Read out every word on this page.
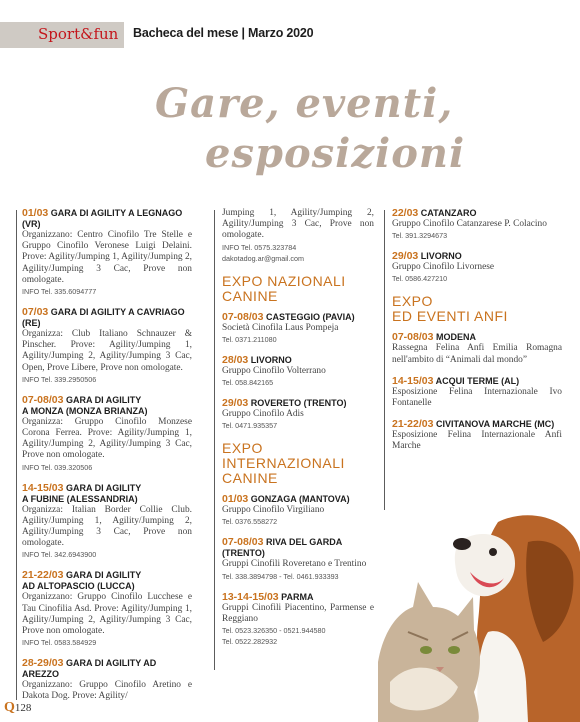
Sport&fun Bacheca del mese | Marzo 2020
Gare, eventi,
esposizioni
01/03 GARA DI AGILITY A LEGNAGO (VR)
Organizzano: Centro Cinofilo Tre Stelle e Gruppo Cinofilo Veronese Luigi Delaini. Prove: Agility/Jumping 1, Agility/Jumping 2, Agility/Jumping 3 Cac, Prove non omologate.
INFO Tel. 335.6094777
07/03 GARA DI AGILITY A CAVRIAGO (RE)
Organizza: Club Italiano Schnauzer & Pinscher. Prove: Agility/Jumping 1, Agility/Jumping 2, Agility/Jumping 3 Cac, Open, Prove Libere, Prove non omologate.
INFO Tel. 339.2950506
07-08/03 GARA DI AGILITY
A MONZA (MONZA BRIANZA)
Organizza: Gruppo Cinofilo Monzese Corona Ferrea. Prove: Agility/Jumping 1, Agility/Jumping 2, Agility/Jumping 3 Cac, Prove non omologate.
INFO Tel. 039.320506
14-15/03 GARA DI AGILITY
A FUBINE (ALESSANDRIA)
Organizza: Italian Border Collie Club. Agility/Jumping 1, Agility/Jumping 2, Agility/Jumping 3 Cac, Prove non omologate.
INFO Tel. 342.6943900
21-22/03 GARA DI AGILITY
AD ALTOPASCIO (LUCCA)
Organizzano: Gruppo Cinofilo Lucchese e Tau Cinofilia Asd. Prove: Agility/Jumping 1, Agility/Jumping 2, Agility/Jumping 3 Cac, Prove non omologate.
INFO Tel. 0583.584929
28-29/03 GARA DI AGILITY AD AREZZO
Organizzano: Gruppo Cinofilo Aretino e Dakota Dog. Prove: Agility/
Jumping 1, Agility/Jumping 2, Agility/Jumping 3 Cac, Prove non omologate.
INFO Tel. 0575.323784
dakotadog.ar@gmail.com
EXPO NAZIONALI
CANINE
07-08/03 CASTEGGIO (PAVIA)
Società Cinofila Laus Pompeja
Tel. 0371.211080
28/03 LIVORNO
Gruppo Cinofilo Volterrano
Tel. 058.842165
29/03 ROVERETO (TRENTO)
Gruppo Cinofilo Adis
Tel. 0471.935357
EXPO
INTERNAZIONALI
CANINE
01/03 GONZAGA (MANTOVA)
Gruppo Cinofilo Virgiliano
Tel. 0376.558272
07-08/03 RIVA DEL GARDA (TRENTO)
Gruppi Cinofili Roveretano e Trentino
Tel. 338.3894798 - Tel. 0461.933393
13-14-15/03 PARMA
Gruppi Cinofili Piacentino, Parmense e Reggiano
Tel. 0523.326350 - 0521.944580
Tel. 0522.282932
22/03 CATANZARO
Gruppo Cinofilo Catanzarese P. Colacino
Tel. 391.3294673
29/03 LIVORNO
Gruppo Cinofilo Livornese
Tel. 0586.427210
EXPO
ED EVENTI ANFI
07-08/03 MODENA
Rassegna Felina Anfi Emilia Romagna nell'ambito di “Animali dal mondo”
14-15/03 ACQUI TERME (AL)
Esposizione Felina Internazionale Ivo Fontanelle
21-22/03 CIVITANOVA MARCHE (MC)
Esposizione Felina Internazionale Anfi Marche
Q128
